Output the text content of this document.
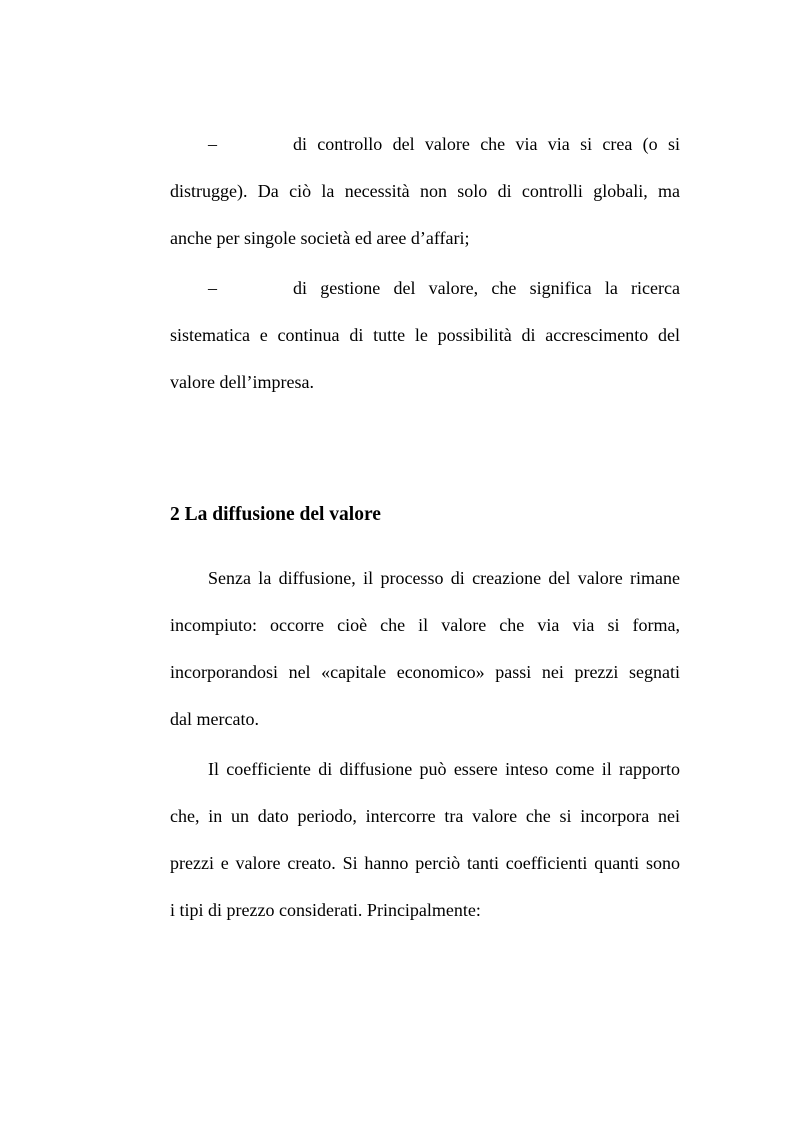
–	di controllo del valore che via via si crea (o si
distrugge). Da ciò la necessità non solo di controlli globali, ma
anche per singole società ed aree d’affari;
–	di gestione del valore, che significa la ricerca
sistematica e continua di tutte le possibilità di accrescimento del
valore dell’impresa.
2 La diffusione del valore
Senza la diffusione, il processo di creazione del valore rimane
incompiuto: occorre cioè che il valore che via via si forma,
incorporandosi nel «capitale economico» passi nei prezzi segnati
dal mercato.
Il coefficiente di diffusione può essere inteso come il rapporto
che, in un dato periodo, intercorre tra valore che si incorpora nei
prezzi e valore creato. Si hanno perciò tanti coefficienti quanti sono
i tipi di prezzo considerati. Principalmente:
